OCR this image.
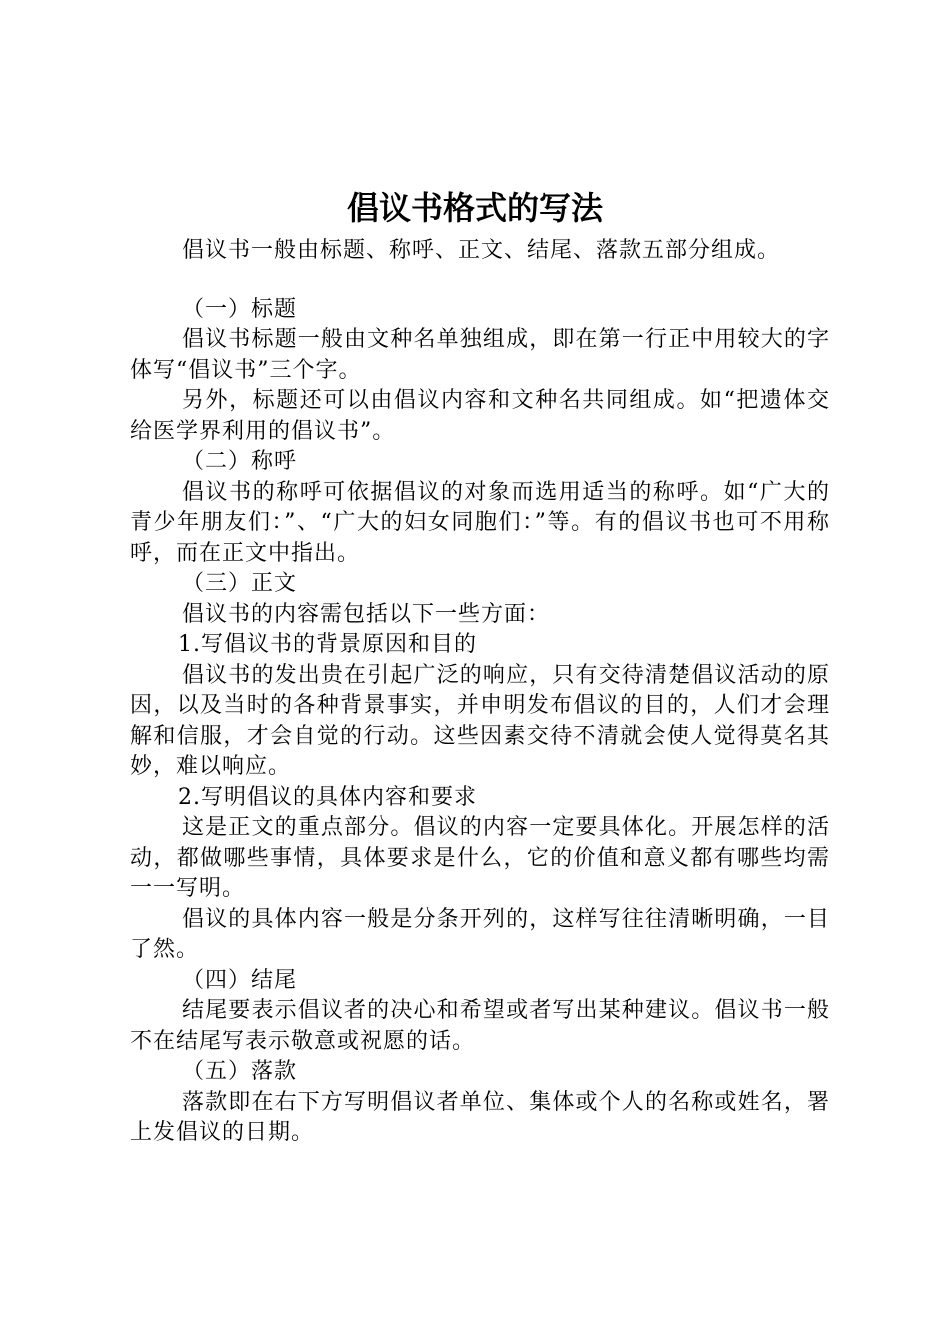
倡议书格式的写法

倡议书一般由标题、称呼、正文、结尾、落款五部分组成。

（一）标题

倡议书标题一般由文种名单独组成，即在第一行正中用较大的字体写“倡议书”三个字。

另外，标题还可以由倡议内容和文种名共同组成。如“把遗体交给医学界利用的倡议书”。

（二）称呼

倡议书的称呼可依据倡议的对象而选用适当的称呼。如“广大的青少年朋友们：”、“广大的妇女同胞们：”等。有的倡议书也可不用称呼，而在正文中指出。

（三）正文

倡议书的内容需包括以下一些方面：

1.写倡议书的背景原因和目的

倡议书的发出贵在引起广泛的响应，只有交待清楚倡议活动的原因，以及当时的各种背景事实，并申明发布倡议的目的，人们才会理解和信服，才会自觉的行动。这些因素交待不清就会使人觉得莫名其妙，难以响应。

2.写明倡议的具体内容和要求

这是正文的重点部分。倡议的内容一定要具体化。开展怎样的活动，都做哪些事情，具体要求是什么，它的价值和意义都有哪些均需一一写明。

倡议的具体内容一般是分条开列的，这样写往往清晰明确，一目了然。

（四）结尾

结尾要表示倡议者的决心和希望或者写出某种建议。倡议书一般不在结尾写表示敬意或祝愿的话。

（五）落款

落款即在右下方写明倡议者单位、集体或个人的名称或姓名，署上发倡议的日期。
